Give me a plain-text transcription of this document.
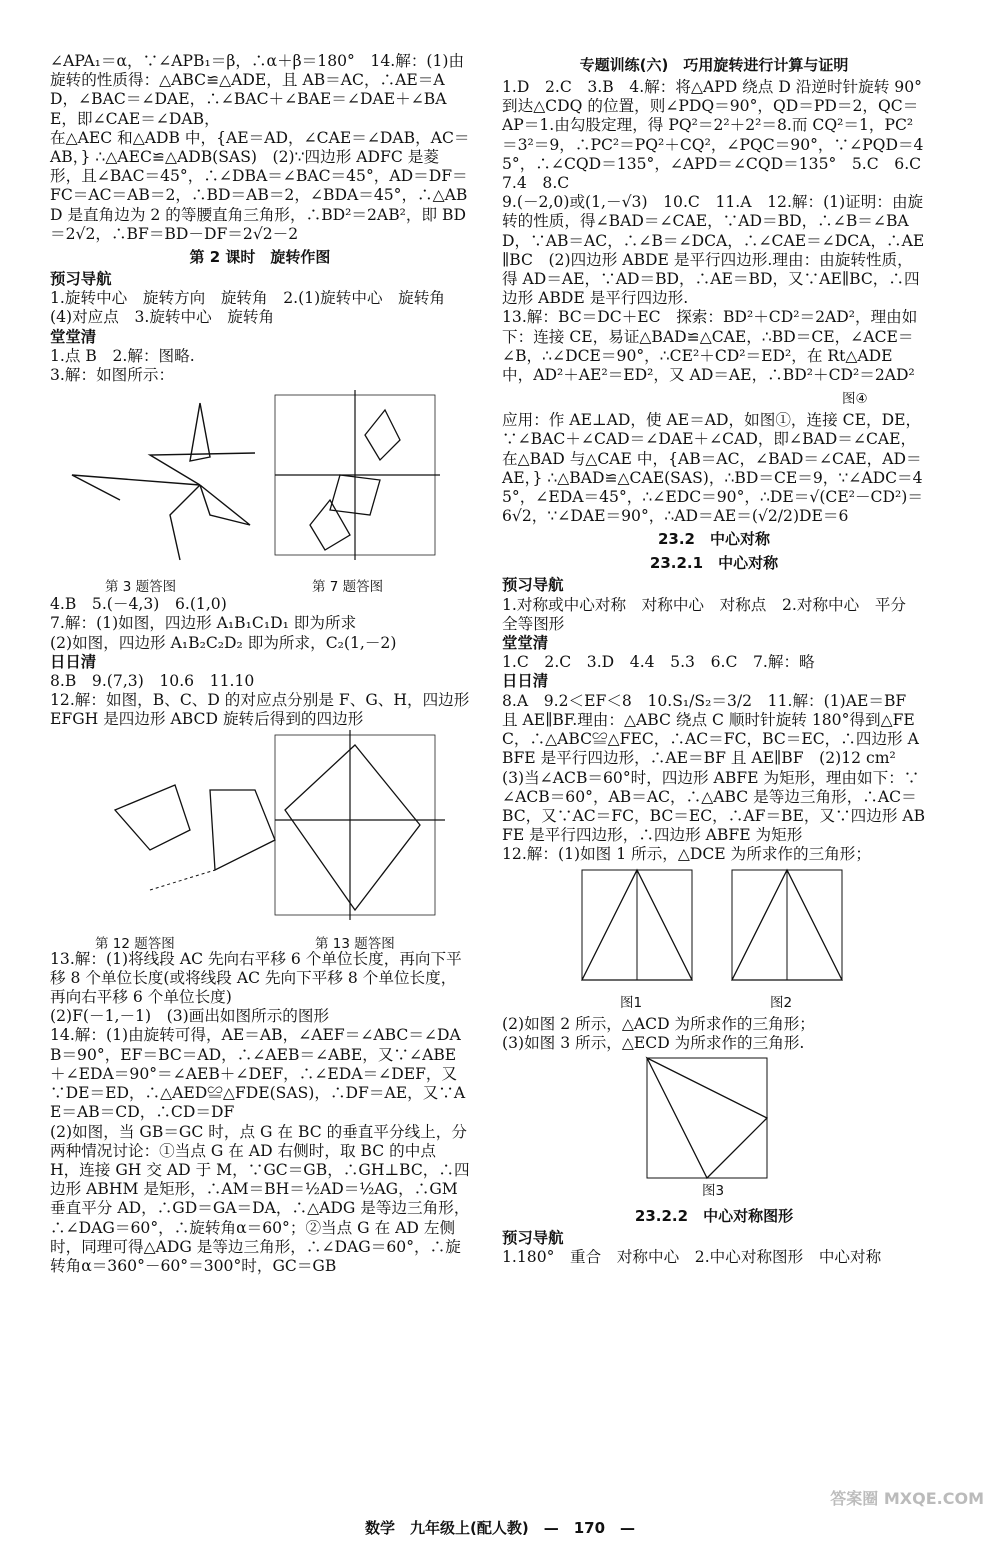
∠APA₁＝α，∵∠APB₁＝β，∴α＋β＝180°　14.解：(1)由旋转的性质得：△ABC≌△ADE，且 AB＝AC，∴AE＝AD，∠BAC＝∠DAE，∴∠BAC＋∠BAE＝∠DAE＋∠BAE，即∠CAE＝∠DAB，

在△AEC 和△ADB 中，{AE＝AD，∠CAE＝∠DAB，AC＝AB，} ∴△AEC≌△ADB(SAS)　(2)∵四边形 ADFC 是菱形，且∠BAC＝45°，∴∠DBA＝∠BAC＝45°，AD＝DF＝FC＝AC＝AB＝2，∴BD＝AB＝2，∠BDA＝45°，∴△ABD 是直角边为 2 的等腰直角三角形，∴BD²＝2AB²，即 BD＝2√2，∴BF＝BD－DF＝2√2－2

第 2 课时　旋转作图

预习导航

1.旋转中心　旋转方向　旋转角　2.(1)旋转中心　旋转角　(4)对应点　3.旋转中心　旋转角

堂堂清

1.点 B　2.解：图略.

3.解：如图所示：

第 3 题答图	第 7 题答图

4.B　5.(－4,3)　6.(1,0)

7.解：(1)如图，四边形 A₁B₁C₁D₁ 即为所求

(2)如图，四边形 A₁B₂C₂D₂ 即为所求，C₂(1,－2)

日日清

8.B　9.(7,3)　10.6　11.10

12.解：如图，B、C、D 的对应点分别是 F、G、H，四边形 EFGH 是四边形 ABCD 旋转后得到的四边形

第 12 题答图	第 13 题答图

13.解：(1)将线段 AC 先向右平移 6 个单位长度，再向下平移 8 个单位长度(或将线段 AC 先向下平移 8 个单位长度，再向右平移 6 个单位长度)

(2)F(－1,－1)　(3)画出如图所示的图形

14.解：(1)由旋转可得，AE＝AB，∠AEF＝∠ABC＝∠DAB＝90°，EF＝BC＝AD，∴∠AEB＝∠ABE，又∵∠ABE＋∠EDA＝90°＝∠AEB＋∠DEF，∴∠EDA＝∠DEF，又∵DE＝ED，∴△AED≌△FDE(SAS)，∴DF＝AE，又∵AE＝AB＝CD，∴CD＝DF

(2)如图，当 GB＝GC 时，点 G 在 BC 的垂直平分线上，分两种情况讨论：①当点 G 在 AD 右侧时，取 BC 的中点 H，连接 GH 交 AD 于 M，∵GC＝GB，∴GH⊥BC，∴四边形 ABHM 是矩形，∴AM＝BH＝½AD＝½AG，∴GM 垂直平分 AD，∴GD＝GA＝DA，∴△ADG 是等边三角形，∴∠DAG＝60°，∴旋转角α＝60°；②当点 G 在 AD 左侧时，同理可得△ADG 是等边三角形，∴∠DAG＝60°，∴旋转角α＝360°－60°＝300°时，GC＝GB

专题训练(六)　巧用旋转进行计算与证明

1.D　2.C　3.B　4.解：将△APD 绕点 D 沿逆时针旋转 90°到达△CDQ 的位置，则∠PDQ＝90°，QD＝PD＝2，QC＝AP＝1.由勾股定理，得 PQ²＝2²＋2²＝8.而 CQ²＝1，PC²＝3²＝9，∴PC²＝PQ²＋CQ²，∠PQC＝90°，∵∠PQD＝45°，∴∠CQD＝135°，∠APD＝∠CQD＝135°　5.C　6.C　7.4　8.C

9.(－2,0)或(1,－√3)　10.C　11.A　12.解：(1)证明：由旋转的性质，得∠BAD＝∠CAE，∵AD＝BD，∴∠B＝∠BAD，∵AB＝AC，∴∠B＝∠DCA，∴∠CAE＝∠DCA，∴AE∥BC　(2)四边形 ABDE 是平行四边形.理由：由旋转性质，得 AD＝AE，∵AD＝BD，∴AE＝BD，又∵AE∥BC，∴四边形 ABDE 是平行四边形.

13.解：BC＝DC＋EC　探索：BD²＋CD²＝2AD²，理由如下：连接 CE，易证△BAD≌△CAE，∴BD＝CE，∠ACE＝∠B，∴∠DCE＝90°，∴CE²＋CD²＝ED²，在 Rt△ADE 中，AD²＋AE²＝ED²，又 AD＝AE，∴BD²＋CD²＝2AD²

图④

应用：作 AE⊥AD，使 AE＝AD，如图①，连接 CE，DE，∵∠BAC＋∠CAD＝∠DAE＋∠CAD，即∠BAD＝∠CAE，在△BAD 与△CAE 中，{AB＝AC，∠BAD＝∠CAE，AD＝AE，} ∴△BAD≌△CAE(SAS)，∴BD＝CE＝9，∵∠ADC＝45°，∠EDA＝45°，∴∠EDC＝90°，∴DE＝√(CE²－CD²)＝6√2，∵∠DAE＝90°，∴AD＝AE＝(√2/2)DE＝6

23.2　中心对称

23.2.1　中心对称

预习导航

1.对称或中心对称　对称中心　对称点　2.对称中心　平分　全等图形

堂堂清

1.C　2.C　3.D　4.4　5.3　6.C　7.解：略

日日清

8.A　9.2＜EF＜8　10.S₁/S₂＝3/2　11.解：(1)AE＝BF 且 AE∥BF.理由：△ABC 绕点 C 顺时针旋转 180°得到△FEC，∴△ABC≌△FEC，∴AC＝FC，BC＝EC，∴四边形 ABFE 是平行四边形，∴AE＝BF 且 AE∥BF　(2)12 cm²　(3)当∠ACB＝60°时，四边形 ABFE 为矩形，理由如下：∵∠ACB＝60°，AB＝AC，∴△ABC 是等边三角形，∴AC＝BC，又∵AC＝FC，BC＝EC，∴AF＝BE，又∵四边形 ABFE 是平行四边形，∴四边形 ABFE 为矩形

12.解：(1)如图 1 所示，△DCE 为所求作的三角形；

图1	图2

(2)如图 2 所示，△ACD 为所求作的三角形；

(3)如图 3 所示，△ECD 为所求作的三角形.

图3

23.2.2　中心对称图形

预习导航

1.180°　重合　对称中心　2.中心对称图形　中心对称

数学　九年级上(配人教)　—　170　—
答案圈 MXQE.COM
